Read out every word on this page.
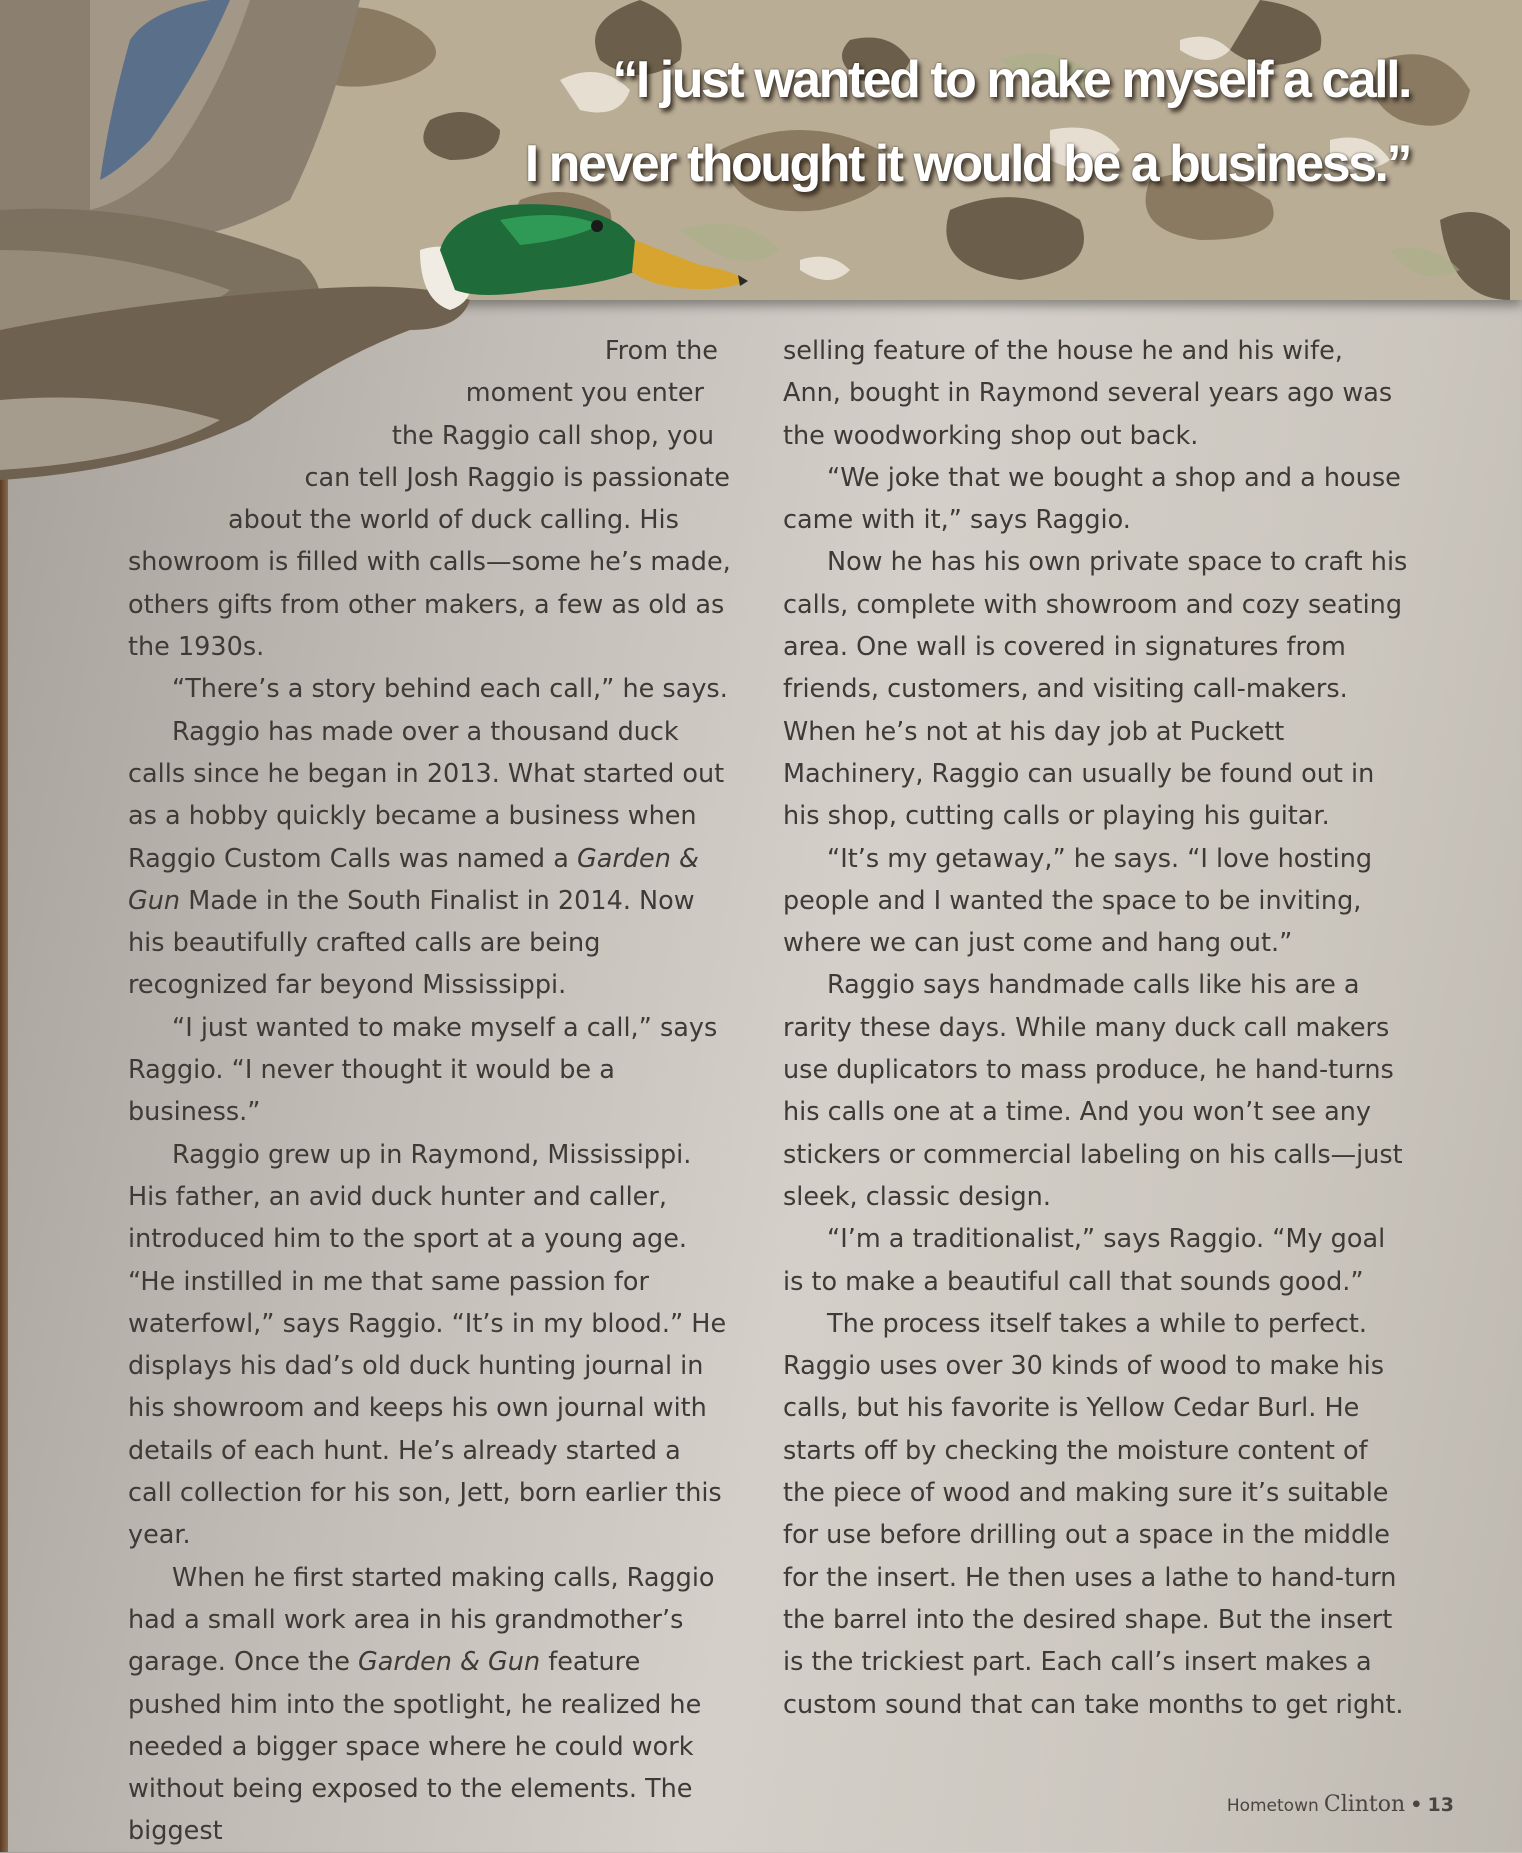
“I just wanted to make myself a call.
I never thought it would be a business.”

From the
moment you enter
the Raggio call shop, you
can tell Josh Raggio is passionate
about the world of duck calling. His

showroom is filled with calls—some he’s made, others gifts from other makers, a few as old as the 1930s.

“There’s a story behind each call,” he says.

Raggio has made over a thousand duck calls since he began in 2013. What started out as a hobby quickly became a business when Raggio Custom Calls was named a Garden & Gun Made in the South Finalist in 2014. Now his beautifully crafted calls are being recognized far beyond Mississippi.

“I just wanted to make myself a call,” says Raggio. “I never thought it would be a business.”

Raggio grew up in Raymond, Mississippi. His father, an avid duck hunter and caller, introduced him to the sport at a young age. “He instilled in me that same passion for waterfowl,” says Raggio. “It’s in my blood.” He displays his dad’s old duck hunting journal in his showroom and keeps his own journal with details of each hunt. He’s already started a call collection for his son, Jett, born earlier this year.

When he first started making calls, Raggio had a small work area in his grandmother’s garage. Once the Garden & Gun feature pushed him into the spotlight, he realized he needed a bigger space where he could work without being exposed to the elements. The biggest

selling feature of the house he and his wife, Ann, bought in Raymond several years ago was the woodworking shop out back.

“We joke that we bought a shop and a house came with it,” says Raggio.

Now he has his own private space to craft his calls, complete with showroom and cozy seating area. One wall is covered in signatures from friends, customers, and visiting call-makers. When he’s not at his day job at Puckett Machinery, Raggio can usually be found out in his shop, cutting calls or playing his guitar.

“It’s my getaway,” he says. “I love hosting people and I wanted the space to be inviting, where we can just come and hang out.”

Raggio says handmade calls like his are a rarity these days. While many duck call makers use duplicators to mass produce, he hand-turns his calls one at a time. And you won’t see any stickers or commercial labeling on his calls—just sleek, classic design.

“I’m a traditionalist,” says Raggio. “My goal is to make a beautiful call that sounds good.”

The process itself takes a while to perfect. Raggio uses over 30 kinds of wood to make his calls, but his favorite is Yellow Cedar Burl. He starts off by checking the moisture content of the piece of wood and making sure it’s suitable for use before drilling out a space in the middle for the insert. He then uses a lathe to hand-turn the barrel into the desired shape. But the insert is the trickiest part. Each call’s insert makes a custom sound that can take months to get right.

Hometown Clinton • 13
